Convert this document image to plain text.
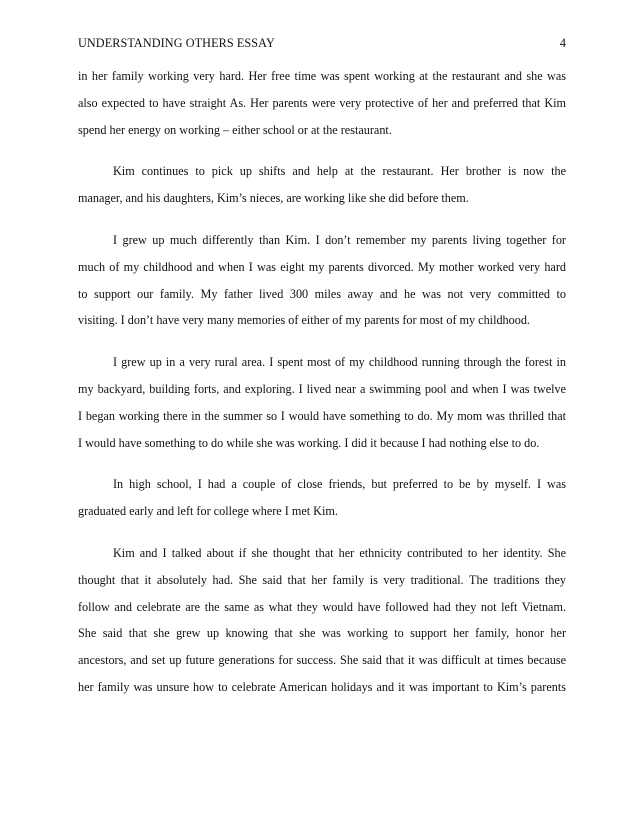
UNDERSTANDING OTHERS ESSAY	4
in her family working very hard. Her free time was spent working at the restaurant and she was
also expected to have straight As. Her parents were very protective of her and preferred that Kim
spend her energy on working – either school or at the restaurant.
Kim continues to pick up shifts and help at the restaurant. Her brother is now the
manager, and his daughters, Kim’s nieces, are working like she did before them.
I grew up much differently than Kim. I don’t remember my parents living together for
much of my childhood and when I was eight my parents divorced. My mother worked very hard
to support our family. My father lived 300 miles away and he was not very committed to
visiting. I don’t have very many memories of either of my parents for most of my childhood.
I grew up in a very rural area. I spent most of my childhood running through the forest in
my backyard, building forts, and exploring. I lived near a swimming pool and when I was twelve
I began working there in the summer so I would have something to do. My mom was thrilled that
I would have something to do while she was working. I did it because I had nothing else to do.
In high school, I had a couple of close friends, but preferred to be by myself. I was
graduated early and left for college where I met Kim.
Kim and I talked about if she thought that her ethnicity contributed to her identity. She
thought that it absolutely had. She said that her family is very traditional. The traditions they
follow and celebrate are the same as what they would have followed had they not left Vietnam.
She said that she grew up knowing that she was working to support her family, honor her
ancestors, and set up future generations for success. She said that it was difficult at times because
her family was unsure how to celebrate American holidays and it was important to Kim’s parents
